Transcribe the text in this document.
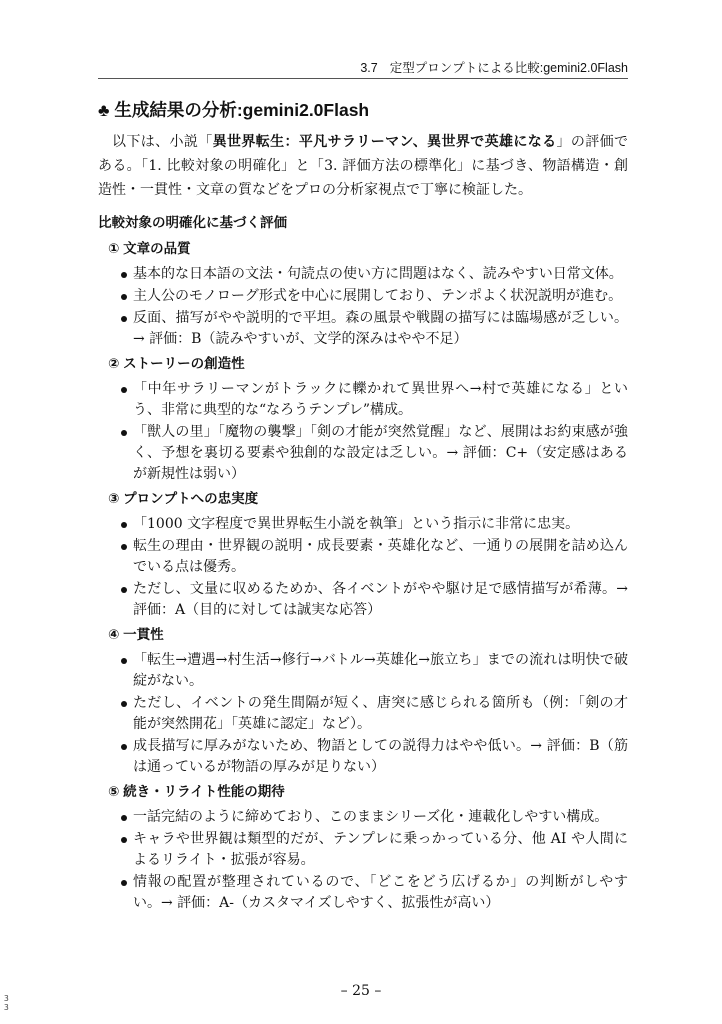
3.7 定型プロンプトによる比較:gemini2.0Flash
♣ 生成結果の分析:gemini2.0Flash

以下は、小説「異世界転生：平凡サラリーマン、異世界で英雄になる」の評価である。「1. 比較対象の明確化」と「3. 評価方法の標準化」に基づき、物語構造・創造性・一貫性・文章の質などをプロの分析家視点で丁寧に検証した。

比較対象の明確化に基づく評価
① 文章の品質
基本的な日本語の文法・句読点の使い方に問題はなく、読みやすい日常文体。
主人公のモノローグ形式を中心に展開しており、テンポよく状況説明が進む。
反面、描写がやや説明的で平坦。森の風景や戦闘の描写には臨場感が乏しい。→ 評価：B（読みやすいが、文学的深みはやや不足）
② ストーリーの創造性
「中年サラリーマンがトラックに轢かれて異世界へ→村で英雄になる」という、非常に典型的な“なろうテンプレ”構成。
「獣人の里」「魔物の襲撃」「剣の才能が突然覚醒」など、展開はお約束感が強く、予想を裏切る要素や独創的な設定は乏しい。→ 評価：C+（安定感はあるが新規性は弱い）
③ プロンプトへの忠実度
「1000 文字程度で異世界転生小説を執筆」という指示に非常に忠実。
転生の理由・世界観の説明・成長要素・英雄化など、一通りの展開を詰め込んでいる点は優秀。
ただし、文量に収めるためか、各イベントがやや駆け足で感情描写が希薄。→ 評価：A（目的に対しては誠実な応答）
④ 一貫性
「転生→遭遇→村生活→修行→バトル→英雄化→旅立ち」までの流れは明快で破綻がない。
ただし、イベントの発生間隔が短く、唐突に感じられる箇所も（例：「剣の才能が突然開花」「英雄に認定」など）。
成長描写に厚みがないため、物語としての説得力はやや低い。→ 評価：B（筋は通っているが物語の厚みが足りない）
⑤ 続き・リライト性能の期待
一話完結のように締めており、このままシリーズ化・連載化しやすい構成。
キャラや世界観は類型的だが、テンプレに乗っかっている分、他 AI や人間によるリライト・拡張が容易。
情報の配置が整理されているので、「どこをどう広げるか」の判断がしやすい。→ 評価：A-（カスタマイズしやすく、拡張性が高い）
– 25 –
3
3
